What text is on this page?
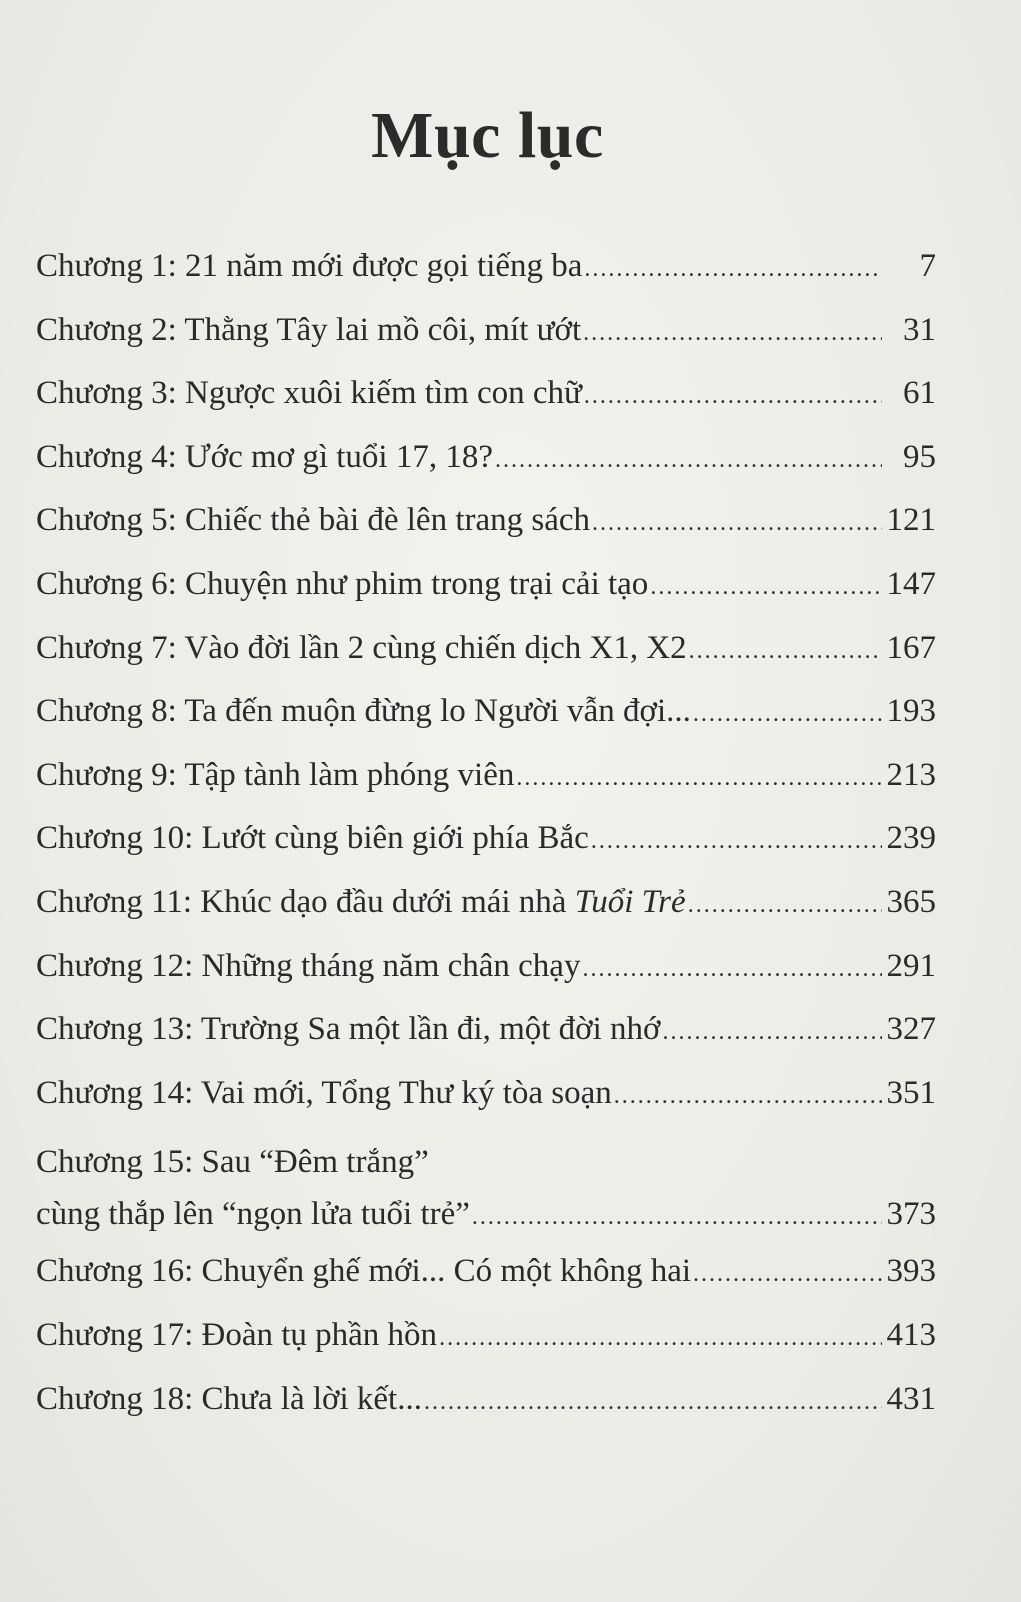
Mục lục
Chương 1: 21 năm mới được gọi tiếng ba .....	7
Chương 2: Thằng Tây lai mồ côi, mít ướt .....	31
Chương 3: Ngược xuôi kiếm tìm con chữ .....	61
Chương 4: Ước mơ gì tuổi 17, 18? .....	95
Chương 5: Chiếc thẻ bài đè lên trang sách .....	121
Chương 6: Chuyện như phim trong trại cải tạo .....	147
Chương 7: Vào đời lần 2 cùng chiến dịch X1, X2 .....	167
Chương 8: Ta đến muộn đừng lo Người vẫn đợi... .....	193
Chương 9: Tập tành làm phóng viên .....	213
Chương 10: Lướt cùng biên giới phía Bắc .....	239
Chương 11: Khúc dạo đầu dưới mái nhà Tuổi Trẻ .....	365
Chương 12: Những tháng năm chân chạy .....	291
Chương 13: Trường Sa một lần đi, một đời nhớ .....	327
Chương 14: Vai mới, Tổng Thư ký tòa soạn .....	351
Chương 15: Sau “Đêm trắng”
cùng thắp lên “ngọn lửa tuổi trẻ” .....	373
Chương 16: Chuyển ghế mới... Có một không hai .....	393
Chương 17: Đoàn tụ phần hồn .....	413
Chương 18: Chưa là lời kết... .....	431
